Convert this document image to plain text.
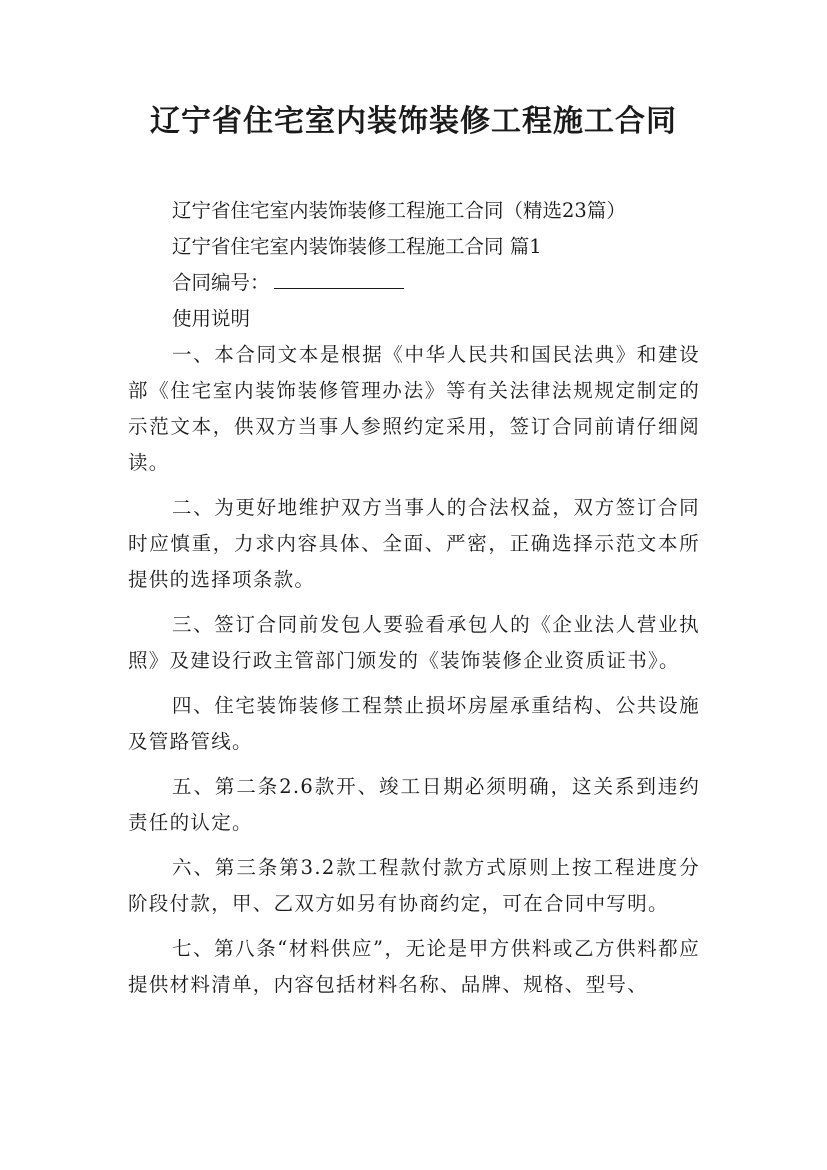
辽宁省住宅室内装饰装修工程施工合同

辽宁省住宅室内装饰装修工程施工合同（精选23篇）

辽宁省住宅室内装饰装修工程施工合同 篇1

合同编号：

使用说明

一、本合同文本是根据《中华人民共和国民法典》和建设部《住宅室内装饰装修管理办法》等有关法律法规规定制定的示范文本，供双方当事人参照约定采用，签订合同前请仔细阅读。

二、为更好地维护双方当事人的合法权益，双方签订合同时应慎重，力求内容具体、全面、严密，正确选择示范文本所提供的选择项条款。

三、签订合同前发包人要验看承包人的《企业法人营业执照》及建设行政主管部门颁发的《装饰装修企业资质证书》。

四、住宅装饰装修工程禁止损坏房屋承重结构、公共设施及管路管线。

五、第二条2.6款开、竣工日期必须明确，这关系到违约责任的认定。

六、第三条第3.2款工程款付款方式原则上按工程进度分阶段付款，甲、乙双方如另有协商约定，可在合同中写明。

七、第八条“材料供应”，无论是甲方供料或乙方供料都应提供材料清单，内容包括材料名称、品牌、规格、型号、
